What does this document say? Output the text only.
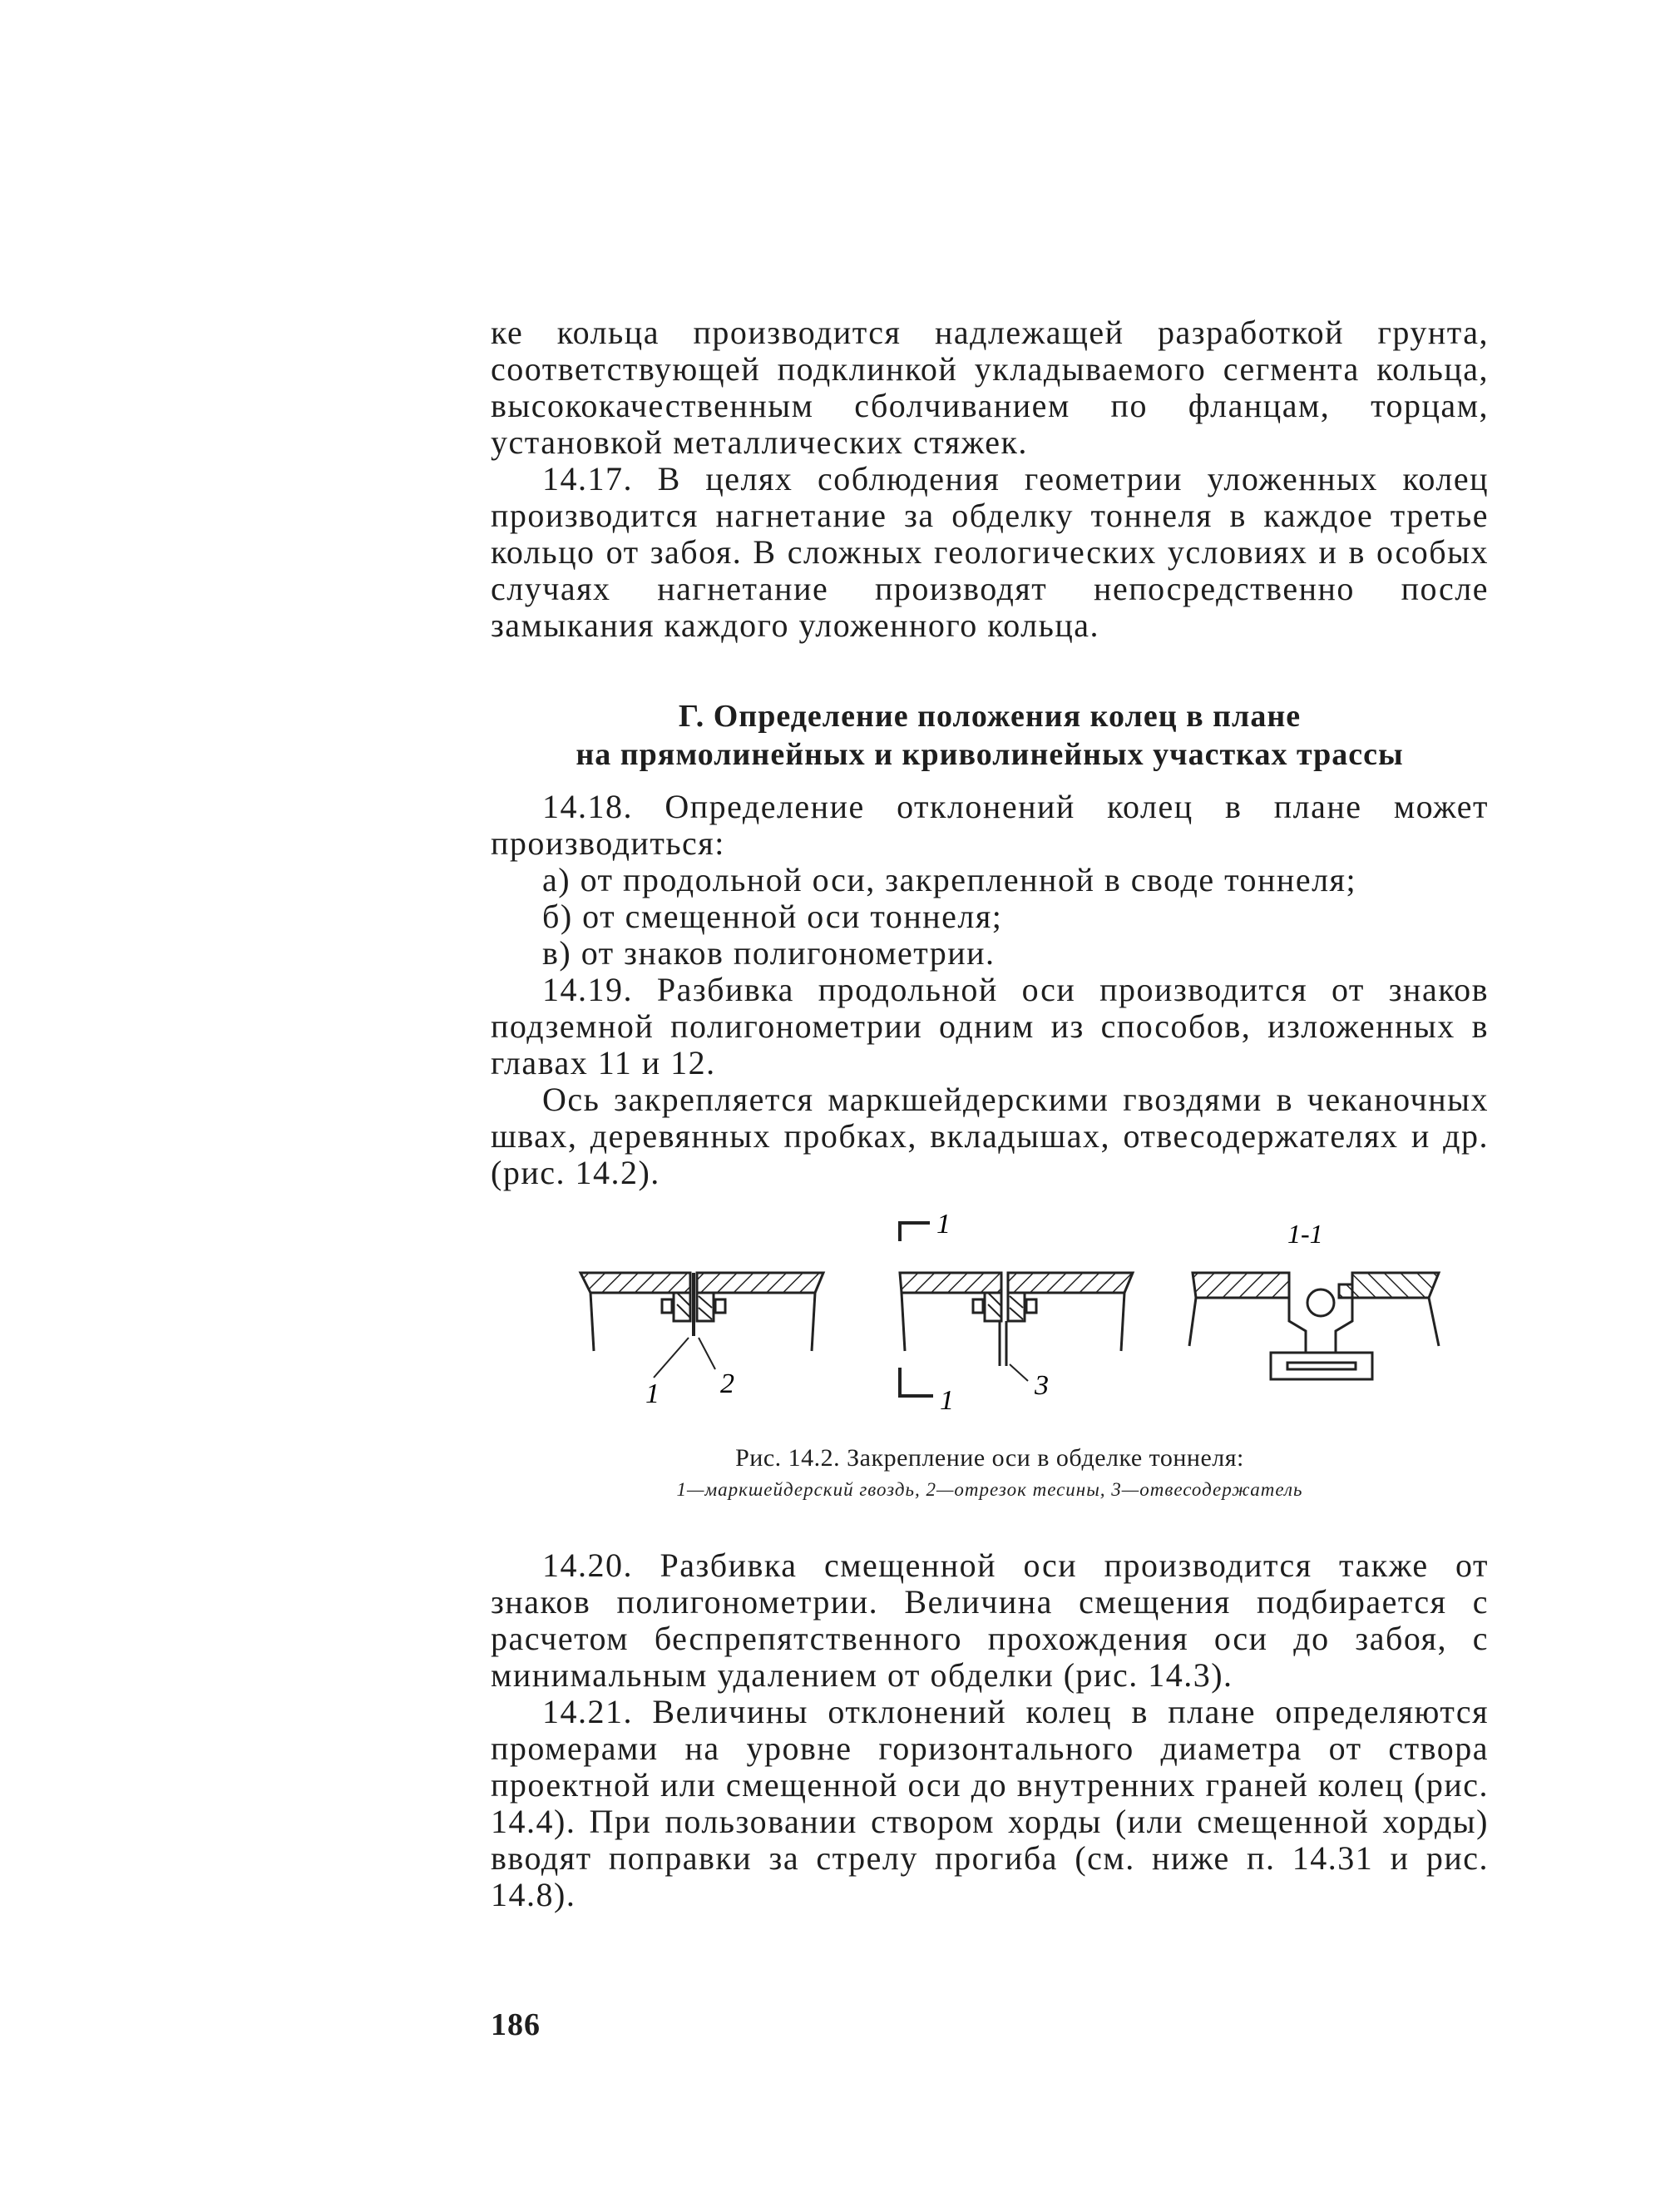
ке кольца производится надлежащей разработкой грунта, соответствующей подклинкой укладываемого сегмента кольца, высококачественным сболчиванием по фланцам, торцам, установкой металлических стяжек.

14.17. В целях соблюдения геометрии уложенных колец производится нагнетание за обделку тоннеля в каждое третье кольцо от забоя. В сложных геологических условиях и в особых случаях нагнетание производят непосредственно после замыкания каждого уложенного кольца.

Г. Определение положения колец в плане
на прямолинейных и криволинейных участках трассы

14.18. Определение отклонений колец в плане может производиться:

а) от продольной оси, закрепленной в своде тоннеля;

б) от смещенной оси тоннеля;

в) от знаков полигонометрии.

14.19. Разбивка продольной оси производится от знаков подземной полигонометрии одним из способов, изложенных в главах 11 и 12.

Ось закрепляется маркшейдерскими гвоздями в чеканочных швах, деревянных пробках, вкладышах, отвесодержателях и др. (рис. 14.2).

1 2
1
1	3
1-1
Рис. 14.2. Закрепление оси в обделке тоннеля:
1—маркшейдерский гвоздь, 2—отрезок тесины, 3—отвесодержатель

14.20. Разбивка смещенной оси производится также от знаков полигонометрии. Величина смещения подбирается с расчетом беспрепятственного прохождения оси до забоя, с минимальным удалением от обделки (рис. 14.3).

14.21. Величины отклонений колец в плане определяются промерами на уровне горизонтального диаметра от створа проектной или смещенной оси до внутренних граней колец (рис. 14.4). При пользовании створом хорды (или смещенной хорды) вводят поправки за стрелу прогиба (см. ниже п. 14.31 и рис. 14.8).

186
